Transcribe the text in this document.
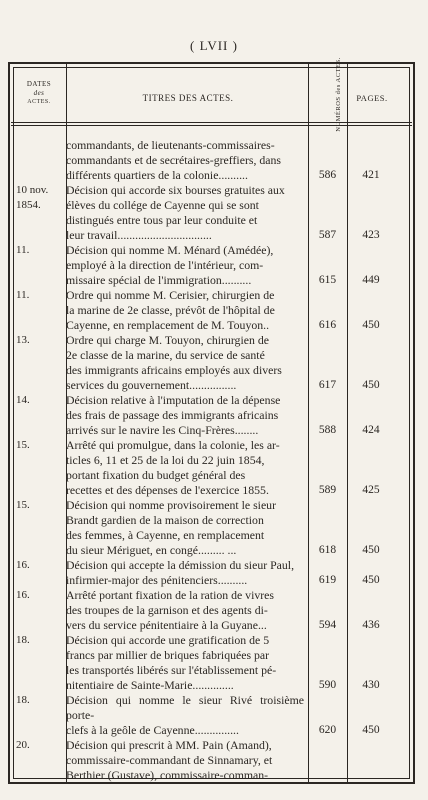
( LVII )
DATES
des
ACTES.	TITRES DES ACTES.	NUMÉROS des ACTES.	PAGES.
commandants, de lieutenants-commissaires-
commandants et de secrétaires-greffiers, dans
différents quartiers de la colonie..........	586	421
10 nov. 1854.
Décision qui accorde six bourses gratuites aux
élèves du collége de Cayenne qui se sont
distingués entre tous par leur conduite et
leur travail................................	587	423
11.	Décision qui nomme M. Ménard (Amédée),
employé à la direction de l'intérieur, com-
missaire spécial de l'immigration..........	615	449
11.	Ordre qui nomme M. Cerisier, chirurgien de
la marine de 2e classe, prévôt de l'hôpital de
Cayenne, en remplacement de M. Touyon..	616	450
13.	Ordre qui charge M. Touyon, chirurgien de
2e classe de la marine, du service de santé
des immigrants africains employés aux divers
services du gouvernement................	617	450
14.	Décision relative à l'imputation de la dépense
des frais de passage des immigrants africains
arrivés sur le navire les Cinq-Frères........	588	424
15.	Arrêté qui promulgue, dans la colonie, les ar-
ticles 6, 11 et 25 de la loi du 22 juin 1854,
portant fixation du budget général des
recettes et des dépenses de l'exercice 1855.	589	425
15.	Décision qui nomme provisoirement le sieur
Brandt gardien de la maison de correction
des femmes, à Cayenne, en remplacement
du sieur Mériguet, en congé......... ...	618	450
16.	Décision qui accepte la démission du sieur Paul,
infirmier-major des pénitenciers..........	619	450
16.	Arrêté portant fixation de la ration de vivres
des troupes de la garnison et des agents di-
vers du service pénitentiaire à la Guyane...	594	436
18.	Décision qui accorde une gratification de 5
francs par millier de briques fabriquées par
les transportés libérés sur l'établissement pé-
nitentiaire de Sainte-Marie..............	590	430
18.	Décision qui nomme le sieur Rivé troisième porte-
clefs à la geôle de Cayenne...............	620	450
20.	Décision qui prescrit à MM. Pain (Amand),
commissaire-commandant de Sinnamary, et
Berthier (Gustave), commissaire-comman-
